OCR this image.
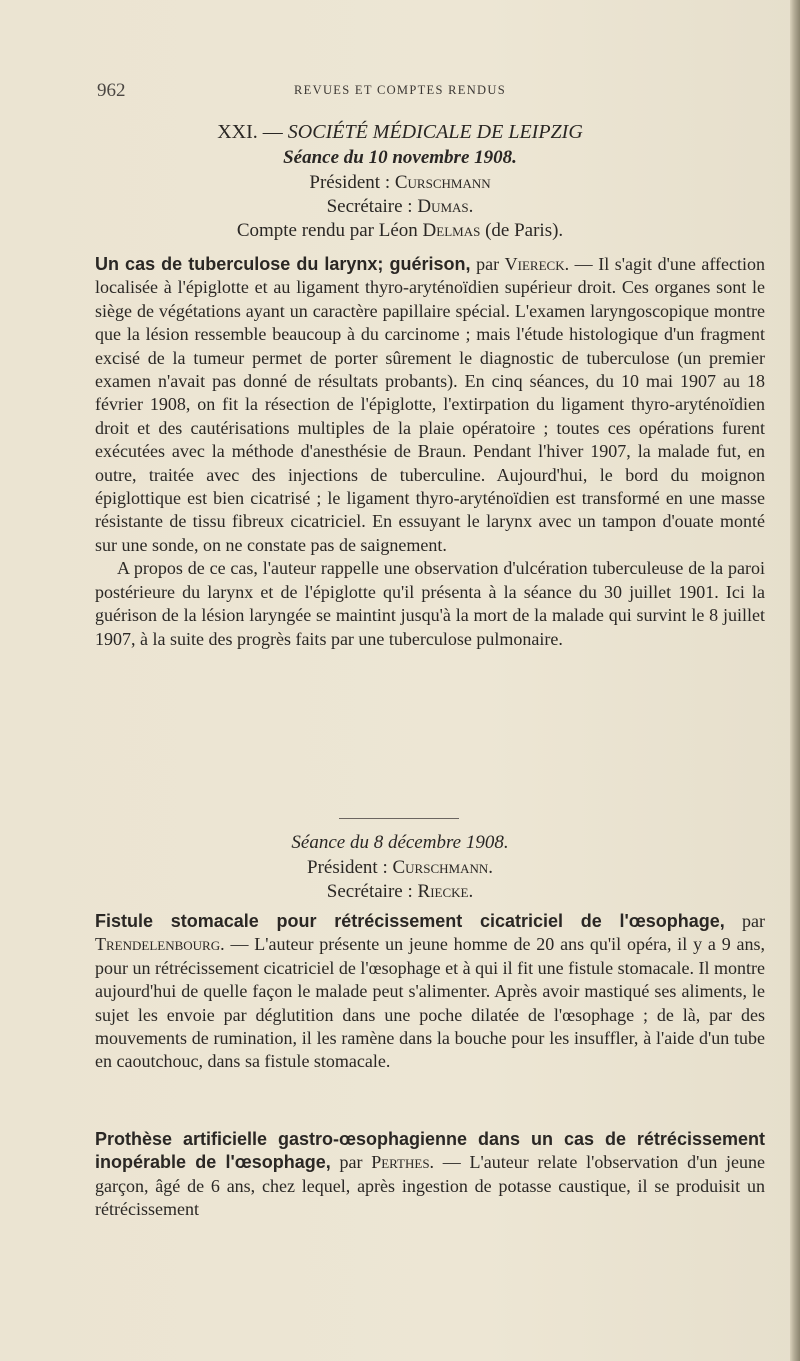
962	REVUES ET COMPTES RENDUS
XXI. — SOCIÉTÉ MÉDICALE DE LEIPZIG
Séance du 10 novembre 1908.
Président : Curschmann
Secrétaire : Dumas.
Compte rendu par Léon Delmas (de Paris).

Un cas de tuberculose du larynx; guérison, par Viereck. — Il s'agit d'une affection localisée à l'épiglotte et au ligament thyro-aryténoïdien supérieur droit. Ces organes sont le siège de végétations ayant un caractère papillaire spécial. L'examen laryngoscopique montre que la lésion ressemble beaucoup à du carcinome ; mais l'étude histologique d'un fragment excisé de la tumeur permet de porter sûrement le diagnostic de tuberculose (un premier examen n'avait pas donné de résultats probants). En cinq séances, du 10 mai 1907 au 18 février 1908, on fit la résection de l'épiglotte, l'extirpation du ligament thyro-aryténoïdien droit et des cautérisations multiples de la plaie opératoire ; toutes ces opérations furent exécutées avec la méthode d'anesthésie de Braun. Pendant l'hiver 1907, la malade fut, en outre, traitée avec des injections de tuberculine. Aujourd'hui, le bord du moignon épiglottique est bien cicatrisé ; le ligament thyro-aryténoïdien est transformé en une masse résistante de tissu fibreux cicatriciel. En essuyant le larynx avec un tampon d'ouate monté sur une sonde, on ne constate pas de saignement.

A propos de ce cas, l'auteur rappelle une observation d'ulcération tuberculeuse de la paroi postérieure du larynx et de l'épiglotte qu'il présenta à la séance du 30 juillet 1901. Ici la guérison de la lésion laryngée se maintint jusqu'à la mort de la malade qui survint le 8 juillet 1907, à la suite des progrès faits par une tuberculose pulmonaire.

Séance du 8 décembre 1908.
Président : Curschmann.
Secrétaire : Riecke.

Fistule stomacale pour rétrécissement cicatriciel de l'œsophage, par Trendelenbourg. — L'auteur présente un jeune homme de 20 ans qu'il opéra, il y a 9 ans, pour un rétrécissement cicatriciel de l'œsophage et à qui il fit une fistule stomacale. Il montre aujourd'hui de quelle façon le malade peut s'alimenter. Après avoir mastiqué ses aliments, le sujet les envoie par déglutition dans une poche dilatée de l'œsophage ; de là, par des mouvements de rumination, il les ramène dans la bouche pour les insuffler, à l'aide d'un tube en caoutchouc, dans sa fistule stomacale.

Prothèse artificielle gastro-œsophagienne dans un cas de rétrécissement inopérable de l'œsophage, par Perthes. — L'auteur relate l'observation d'un jeune garçon, âgé de 6 ans, chez lequel, après ingestion de potasse caustique, il se produisit un rétrécissement
